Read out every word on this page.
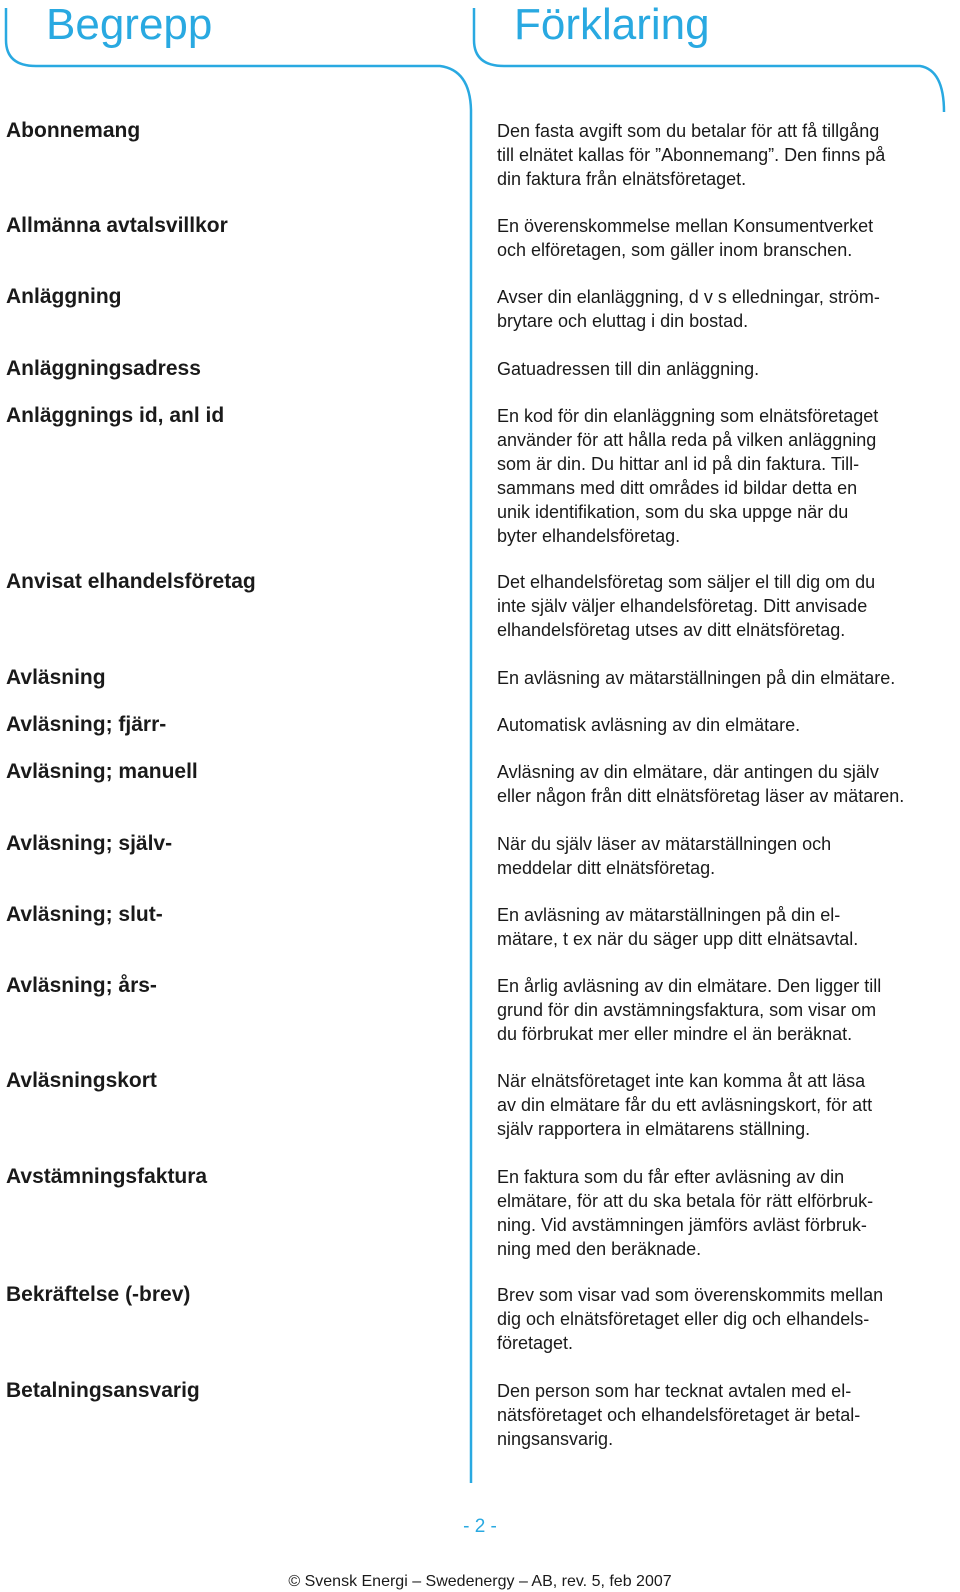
Begrepp	Förklaring
Abonnemang	Den fasta avgift som du betalar för att få tillgång
till elnätet kallas för ”Abonnemang”. Den finns på
din faktura från elnätsföretaget.
Allmänna avtalsvillkor	En överenskommelse mellan Konsumentverket
och elföretagen, som gäller inom branschen.
Anläggning	Avser din elanläggning, d v s elledningar, ström-
brytare och eluttag i din bostad.
Anläggningsadress	Gatuadressen till din anläggning.
Anläggnings id, anl id	En kod för din elanläggning som elnätsföretaget
använder för att hålla reda på vilken anläggning
som är din. Du hittar anl id på din faktura. Till-
sammans med ditt områdes id bildar detta en
unik identifikation, som du ska uppge när du
byter elhandelsföretag.
Anvisat elhandelsföretag	Det elhandelsföretag som säljer el till dig om du
inte själv väljer elhandelsföretag. Ditt anvisade
elhandelsföretag utses av ditt elnätsföretag.
Avläsning	En avläsning av mätarställningen på din elmätare.
Avläsning; fjärr-	Automatisk avläsning av din elmätare.
Avläsning; manuell	Avläsning av din elmätare, där antingen du själv
eller någon från ditt elnätsföretag läser av mätaren.
Avläsning; själv-	När du själv läser av mätarställningen och
meddelar ditt elnätsföretag.
Avläsning; slut-	En avläsning av mätarställningen på din el-
mätare, t ex när du säger upp ditt elnätsavtal.
Avläsning; års-	En årlig avläsning av din elmätare. Den ligger till
grund för din avstämningsfaktura, som visar om
du förbrukat mer eller mindre el än beräknat.
Avläsningskort	När elnätsföretaget inte kan komma åt att läsa
av din elmätare får du ett avläsningskort, för att
själv rapportera in elmätarens ställning.
Avstämningsfaktura	En faktura som du får efter avläsning av din
elmätare, för att du ska betala för rätt elförbruk-
ning. Vid avstämningen jämförs avläst förbruk-
ning med den beräknade.
Bekräftelse (-brev)	Brev som visar vad som överenskommits mellan
dig och elnätsföretaget eller dig och elhandels-
företaget.
Betalningsansvarig	Den person som har tecknat avtalen med el-
nätsföretaget och elhandelsföretaget är betal-
ningsansvarig.
- 2 -
© Svensk Energi – Swedenergy – AB, rev. 5, feb 2007
